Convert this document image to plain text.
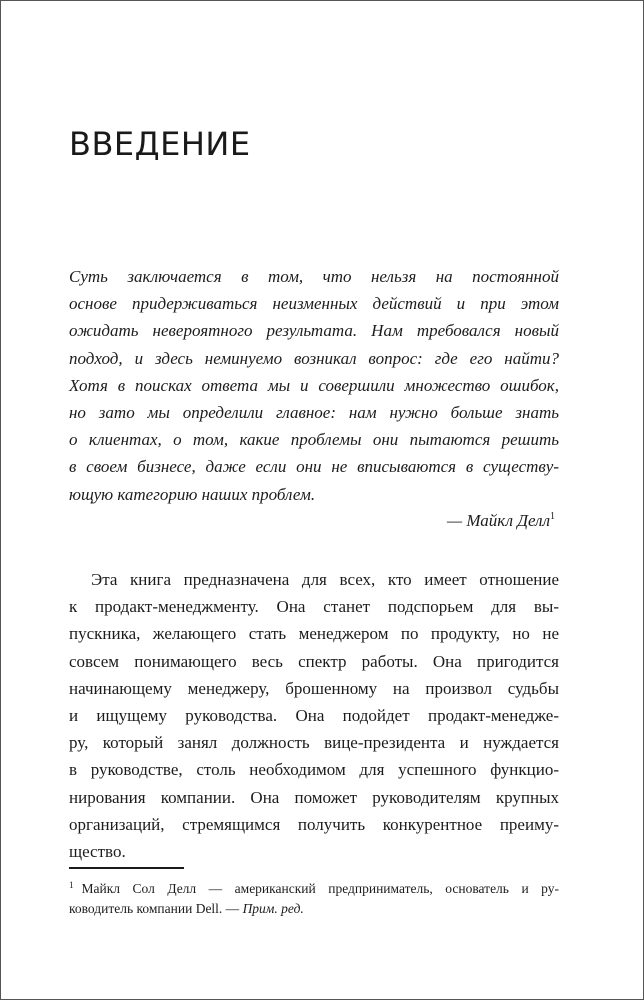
ВВЕДЕНИЕ
Суть заключается в том, что нельзя на постоянной
основе придерживаться неизменных действий и при этом
ожидать невероятного результата. Нам требовался новый
подход, и здесь неминуемо возникал вопрос: где его найти?
Хотя в поисках ответа мы и совершили множество ошибок,
но зато мы определили главное: нам нужно больше знать
о клиентах, о том, какие проблемы они пытаются решить
в своем бизнесе, даже если они не вписываются в существу-
ющую категорию наших проблем.
— Майкл Делл$^1$
Эта книга предназначена для всех, кто имеет отношение
к продакт-менеджменту. Она станет подспорьем для вы-
пускника, желающего стать менеджером по продукту, но не
совсем понимающего весь спектр работы. Она пригодится
начинающему менеджеру, брошенному на произвол судьбы
и ищущему руководства. Она подойдет продакт-менедже-
ру, который занял должность вице-президента и нуждается
в руководстве, столь необходимом для успешного функцио-
нирования компании. Она поможет руководителям крупных
организаций, стремящимся получить конкурентное преиму-
щество.
$^1$ Майкл Сол Делл — американский предприниматель, основатель и ру-
ководитель компании Dell. — Прим. ред.
